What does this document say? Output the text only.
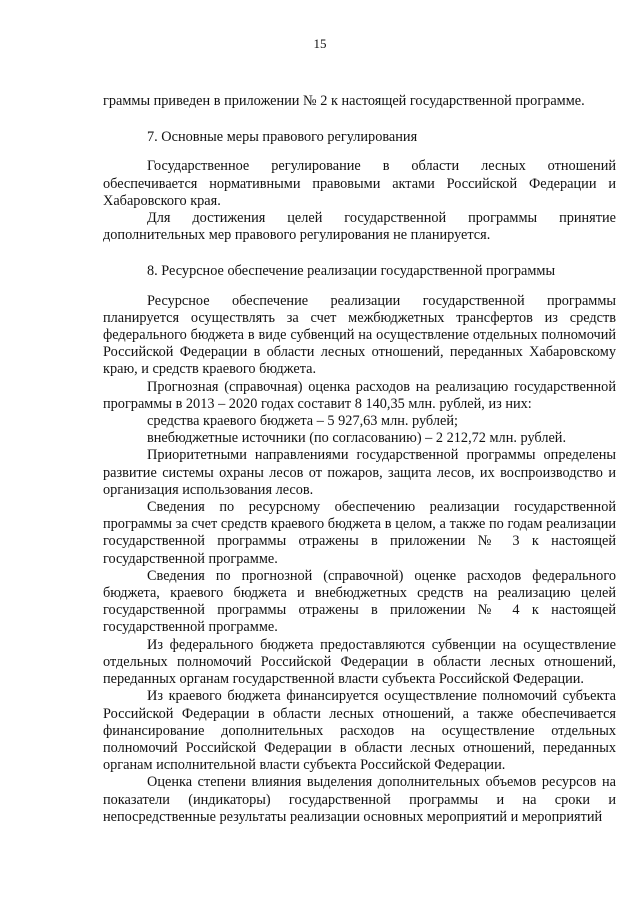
15

граммы приведен в приложении № 2 к настоящей государственной программе.

7. Основные меры правового регулирования

Государственное регулирование в области лесных отношений обеспечивается нормативными правовыми актами Российской Федерации и Хабаровского края.

Для достижения целей государственной программы принятие дополнительных мер правового регулирования не планируется.

8. Ресурсное обеспечение реализации государственной программы

Ресурсное обеспечение реализации государственной программы планируется осуществлять за счет межбюджетных трансфертов из средств федерального бюджета в виде субвенций на осуществление отдельных полномочий Российской Федерации в области лесных отношений, переданных Хабаровскому краю, и средств краевого бюджета.

Прогнозная (справочная) оценка расходов на реализацию государственной программы в 2013 – 2020 годах составит 8 140,35 млн. рублей, из них:

средства краевого бюджета – 5 927,63 млн. рублей;

внебюджетные источники (по согласованию) – 2 212,72 млн. рублей.

Приоритетными направлениями государственной программы определены развитие системы охраны лесов от пожаров, защита лесов, их воспроизводство и организация использования лесов.

Сведения по ресурсному обеспечению реализации государственной программы за счет средств краевого бюджета в целом, а также по годам реализации государственной программы отражены в приложении № 3 к настоящей государственной программе.

Сведения по прогнозной (справочной) оценке расходов федерального бюджета, краевого бюджета и внебюджетных средств на реализацию целей государственной программы отражены в приложении № 4 к настоящей государственной программе.

Из федерального бюджета предоставляются субвенции на осуществление отдельных полномочий Российской Федерации в области лесных отношений, переданных органам государственной власти субъекта Российской Федерации.

Из краевого бюджета финансируется осуществление полномочий субъекта Российской Федерации в области лесных отношений, а также обеспечивается финансирование дополнительных расходов на осуществление отдельных полномочий Российской Федерации в области лесных отношений, переданных органам исполнительной власти субъекта Российской Федерации.

Оценка степени влияния выделения дополнительных объемов ресурсов на показатели (индикаторы) государственной программы и на сроки и непосредственные результаты реализации основных мероприятий и мероприятий
